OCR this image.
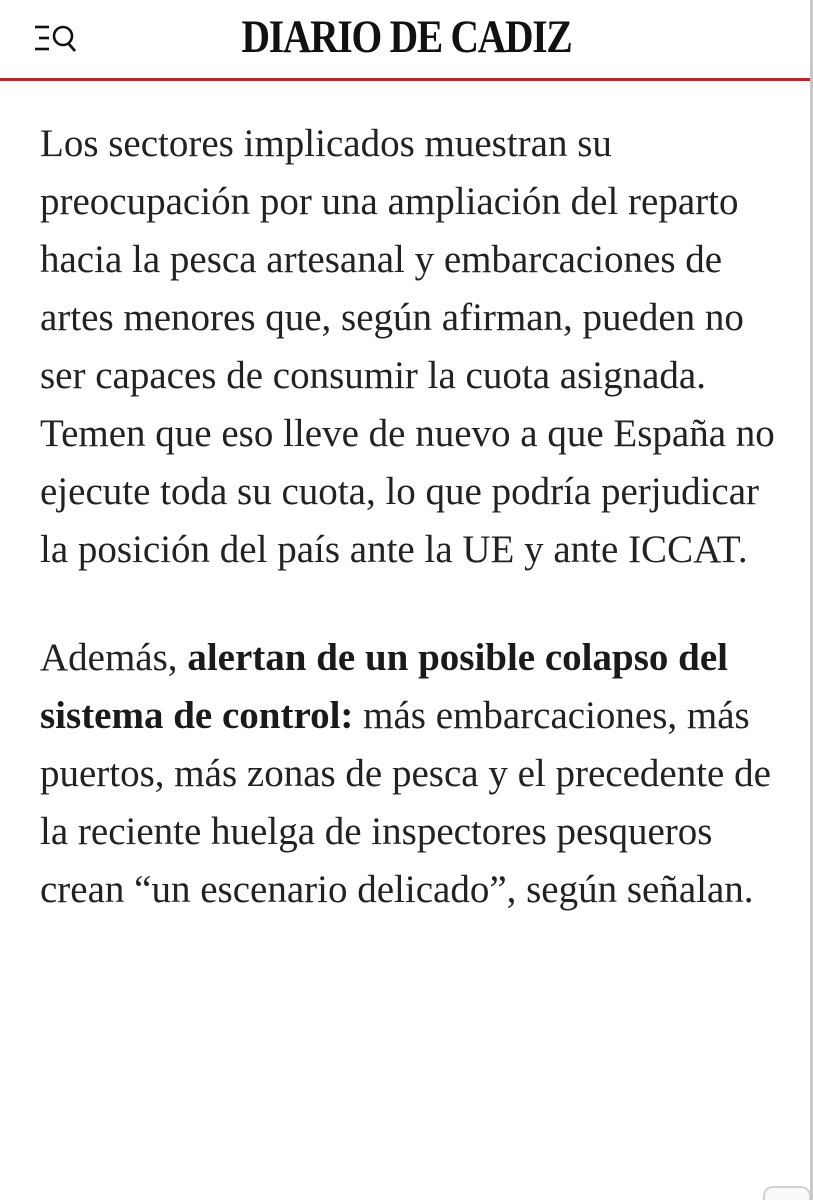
DIARIO DE CADIZ

Los sectores implicados muestran su preocupación por una ampliación del reparto hacia la pesca artesanal y embarcaciones de artes menores que, según afirman, pueden no ser capaces de consumir la cuota asignada. Temen que eso lleve de nuevo a que España no ejecute toda su cuota, lo que podría perjudicar la posición del país ante la UE y ante ICCAT.

Además, alertan de un posible colapso del sistema de control: más embarcaciones, más puertos, más zonas de pesca y el precedente de la reciente huelga de inspectores pesqueros crean “un escenario delicado”, según señalan.
